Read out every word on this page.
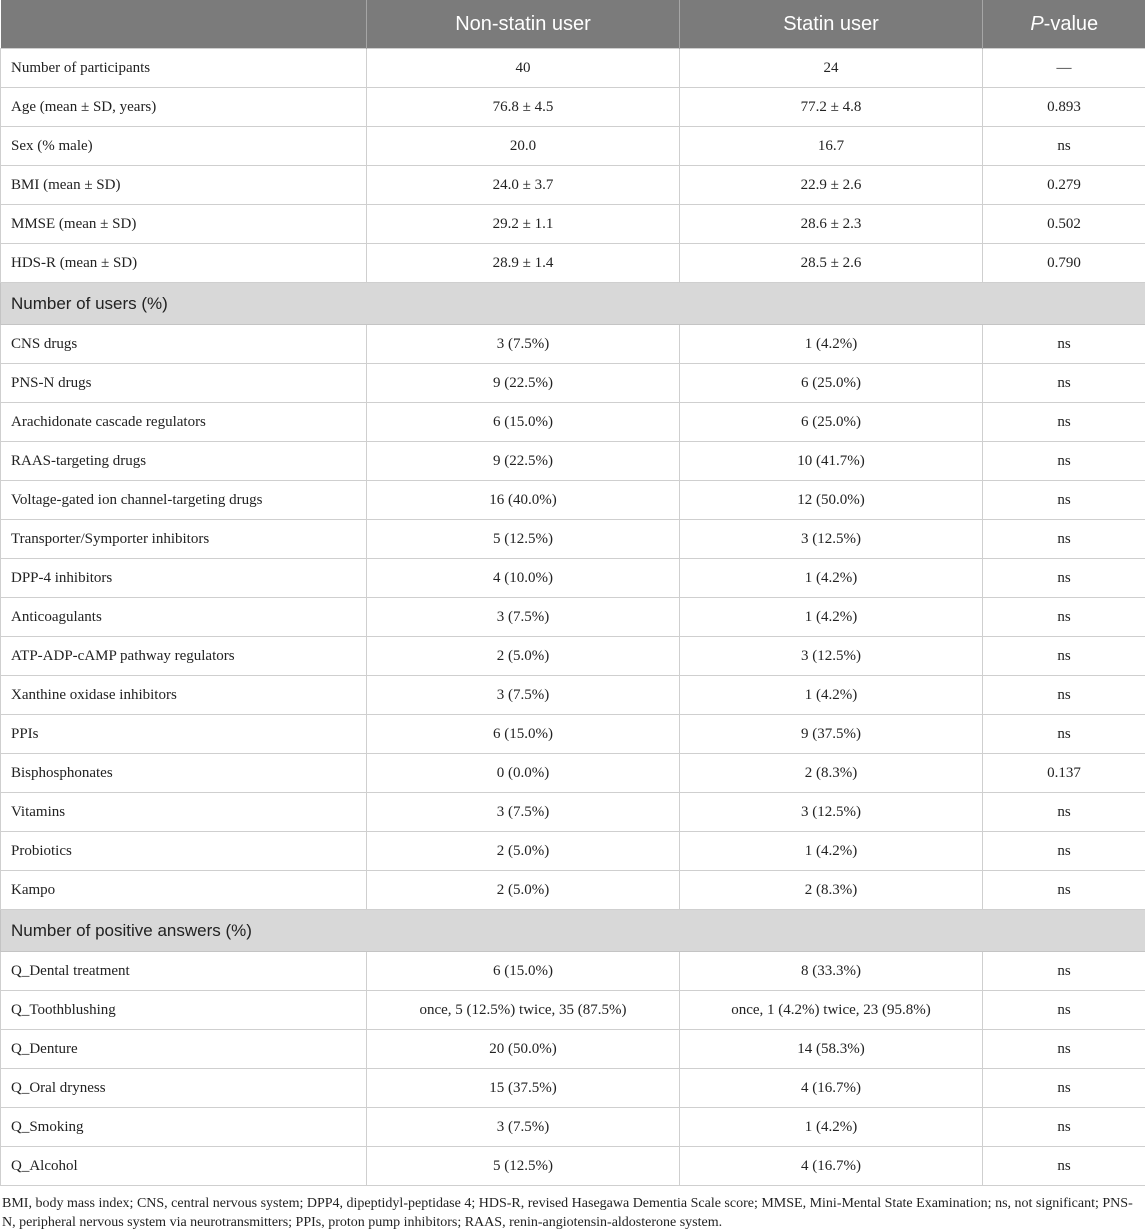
	Non-statin user	Statin user	P-value
Number of participants	40	24	—
Age (mean ± SD, years)	76.8 ± 4.5	77.2 ± 4.8	0.893
Sex (% male)	20.0	16.7	ns
BMI (mean ± SD)	24.0 ± 3.7	22.9 ± 2.6	0.279
MMSE (mean ± SD)	29.2 ± 1.1	28.6 ± 2.3	0.502
HDS-R (mean ± SD)	28.9 ± 1.4	28.5 ± 2.6	0.790
Number of users (%)			
CNS drugs	3 (7.5%)	1 (4.2%)	ns
PNS-N drugs	9 (22.5%)	6 (25.0%)	ns
Arachidonate cascade regulators	6 (15.0%)	6 (25.0%)	ns
RAAS-targeting drugs	9 (22.5%)	10 (41.7%)	ns
Voltage-gated ion channel-targeting drugs	16 (40.0%)	12 (50.0%)	ns
Transporter/Symporter inhibitors	5 (12.5%)	3 (12.5%)	ns
DPP-4 inhibitors	4 (10.0%)	1 (4.2%)	ns
Anticoagulants	3 (7.5%)	1 (4.2%)	ns
ATP-ADP-cAMP pathway regulators	2 (5.0%)	3 (12.5%)	ns
Xanthine oxidase inhibitors	3 (7.5%)	1 (4.2%)	ns
PPIs	6 (15.0%)	9 (37.5%)	ns
Bisphosphonates	0 (0.0%)	2 (8.3%)	0.137
Vitamins	3 (7.5%)	3 (12.5%)	ns
Probiotics	2 (5.0%)	1 (4.2%)	ns
Kampo	2 (5.0%)	2 (8.3%)	ns
Number of positive answers (%)			
Q_Dental treatment	6 (15.0%)	8 (33.3%)	ns
Q_Toothblushing	once, 5 (12.5%) twice, 35 (87.5%)	once, 1 (4.2%) twice, 23 (95.8%)	ns
Q_Denture	20 (50.0%)	14 (58.3%)	ns
Q_Oral dryness	15 (37.5%)	4 (16.7%)	ns
Q_Smoking	3 (7.5%)	1 (4.2%)	ns
Q_Alcohol	5 (12.5%)	4 (16.7%)	ns
BMI, body mass index; CNS, central nervous system; DPP4, dipeptidyl-peptidase 4; HDS-R, revised Hasegawa Dementia Scale score; MMSE, Mini-Mental State Examination; ns, not significant; PNS-N, peripheral nervous system via neurotransmitters; PPIs, proton pump inhibitors; RAAS, renin-angiotensin-aldosterone system.
